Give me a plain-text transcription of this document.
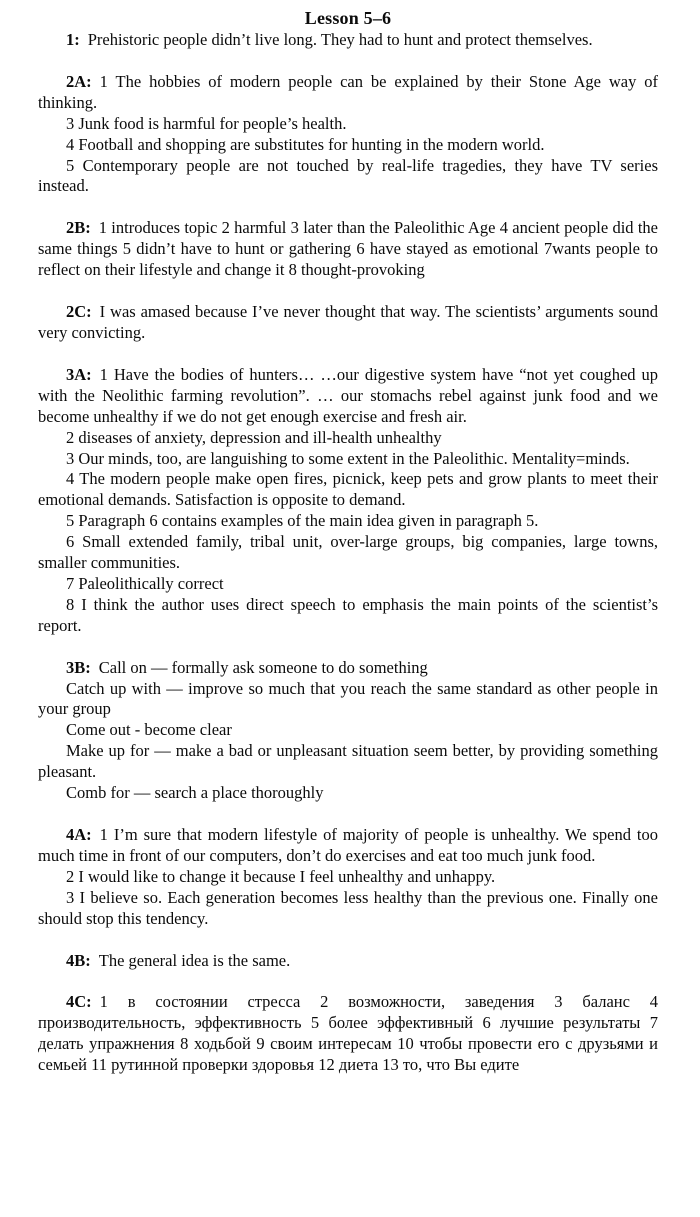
Lesson 5–6

1: Prehistoric people didn’t live long. They had to hunt and protect themselves.

2A: 1 The hobbies of modern people can be explained by their Stone Age way of thinking.

3 Junk food is harmful for people’s health.

4 Football and shopping are substitutes for hunting in the modern world.

5 Contemporary people are not touched by real-life tragedies, they have TV series instead.

2B: 1 introduces topic 2 harmful 3 later than the Paleolithic Age 4 ancient people did the same things 5 didn’t have to hunt or gathering 6 have stayed as emotional 7wants people to reflect on their lifestyle and change it 8 thought-provoking

2C: I was amased because I’ve never thought that way. The scientists’ arguments sound very convicting.

3A: 1 Have the bodies of hunters… …our digestive system have “not yet coughed up with the Neolithic farming revolution”. … our stomachs rebel against junk food and we become unhealthy if we do not get enough exercise and fresh air.

2 diseases of anxiety, depression and ill-health unhealthy

3 Our minds, too, are languishing to some extent in the Paleolithic. Mentality=minds.

4 The modern people make open fires, picnick, keep pets and grow plants to meet their emotional demands. Satisfaction is opposite to demand.

5 Paragraph 6 contains examples of the main idea given in paragraph 5.

6 Small extended family, tribal unit, over-large groups, big companies, large towns, smaller communities.

7 Paleolithically correct

8 I think the author uses direct speech to emphasis the main points of the scientist’s report.

3B: Call on — formally ask someone to do something

Catch up with — improve so much that you reach the same standard as other people in your group

Come out - become clear

Make up for — make a bad or unpleasant situation seem better, by providing something pleasant.

Comb for — search a place thoroughly

4A: 1 I’m sure that modern lifestyle of majority of people is unhealthy. We spend too much time in front of our computers, don’t do exercises and eat too much junk food.

2 I would like to change it because I feel unhealthy and unhappy.

3 I believe so. Each generation becomes less healthy than the previous one. Finally one should stop this tendency.

4B: The general idea is the same.

4C: 1 в состоянии стресса 2 возможности, заведения 3 баланс 4 производительность, эффективность 5 более эффективный 6 лучшие результаты 7 делать упражнения 8 ходьбой 9 своим интересам 10 чтобы провести его с друзьями и семьей 11 рутинной проверки здоровья 12 диета 13 то, что Вы едите
